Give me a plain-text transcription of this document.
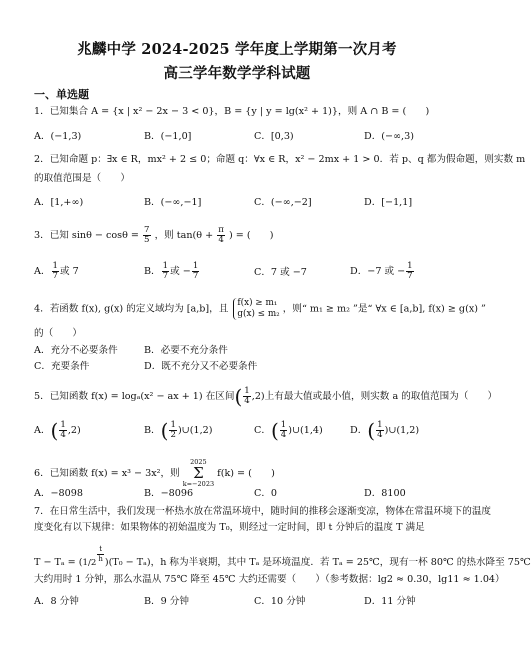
兆麟中学 2024-2025 学年度上学期第一次月考
高三学年数学学科试题
一、单选题
1．已知集合 A = {x | x² − 2x − 3 < 0}，B = {y | y = lg(x² + 1)}，则 A ∩ B = (　　)
A．(−1,3)	B．(−1,0]	C．[0,3)	D．(−∞,3)
2．已知命题 p：∃x ∈ R，mx² + 2 ≤ 0；命题 q：∀x ∈ R，x² − 2mx + 1 > 0．若 p、q 都为假命题，则实数 m
的取值范围是（　　）
A．[1,+∞)	B．(−∞,−1]	C．(−∞,−2]	D．[−1,1]
3．已知 $\sin\theta - \cos\theta = \frac{7}{5}$ ，则 $\tan(\theta + \frac{\pi}{4}$ ) = (　　)
A． $\frac{1}{7}$ 或 7	B． $\frac{1}{7}$ 或 − $\frac{1}{7}$	C．7 或 −7	D．−7 或 − $\frac{1}{7}$
4．若函数 f(x), g(x) 的定义域均为 [a,b]，且
f(x) ≥ m₁
g(x) ≤ m₂ ，则“ m₁ ≥ m₂ ”是“ ∀x ∈ [a,b], f(x) ≥ g(x) ”
的（　　）
A．充分不必要条件	B．必要不充分条件
C．充要条件	D．既不充分又不必要条件
5．已知函数 f(x) = logₐ(x² − ax + 1) 在区间( $\frac{1}{4} ,2$)上有最大值或最小值，则实数 a 的取值范围为（　　）
A．( $\frac{1}{4} ,2$)	B．( $\frac{1}{2}$ )∪(1,2)	C．( $\frac{1}{4}$ )∪(1,4)	D．( $\frac{1}{4}$ )∪(1,2)
6．已知函数 f(x) = x³ − 3x²，则 2025
Σ
k=−2023 f(k) = (　　)
A．−8098	B．−8096	C．0	D．8100
7．在日常生活中，我们发现一杯热水放在常温环境中，随时间的推移会逐渐变凉，物体在常温环境下的温度
度变化有以下规律：如果物体的初始温度为 T₀，则经过一定时间，即 t 分钟后的温度 T 满足
T − Tₐ = (1/2 $^{\frac{t}{h}}$ )(T₀ − Tₐ)，h 称为半衰期，其中 Tₐ 是环境温度．若 Tₐ = 25℃，现有一杯 80℃ 的热水降至 75℃
大约用时 1 分钟，那么水温从 75℃ 降至 45℃ 大约还需要（　　）（参考数据：lg2 ≈ 0.30，lg11 ≈ 1.04）
A．8 分钟	B．9 分钟	C．10 分钟	D．11 分钟
